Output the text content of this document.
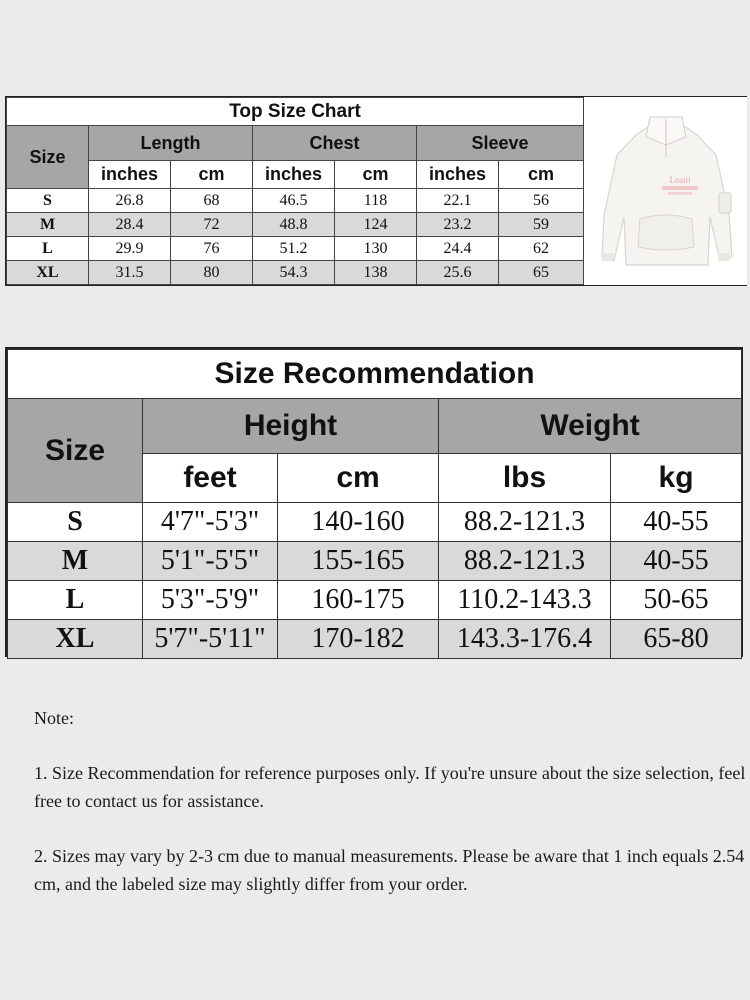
Top Size Chart						
Size	Length		Chest		Sleeve	
	inches	cm	inches	cm	inches	cm
S	26.8	68	46.5	118	22.1	56
M	28.4	72	48.8	124	23.2	59
L	29.9	76	51.2	130	24.4	62
XL	31.5	80	54.3	138	25.6	65
Leaiii
Size Recommendation				
Size	Height		Weight	
	feet	cm	lbs	kg
S	4'7"-5'3"	140-160	88.2-121.3	40-55
M	5'1"-5'5"	155-165	88.2-121.3	40-55
L	5'3"-5'9"	160-175	110.2-143.3	50-65
XL	5'7"-5'11"	170-182	143.3-176.4	65-80

Note:

1. Size Recommendation for reference purposes only. If you're unsure about the size selection, feel free to contact us for assistance.

2. Sizes may vary by 2-3 cm due to manual measurements. Please be aware that 1 inch equals 2.54 cm, and the labeled size may slightly differ from your order.
